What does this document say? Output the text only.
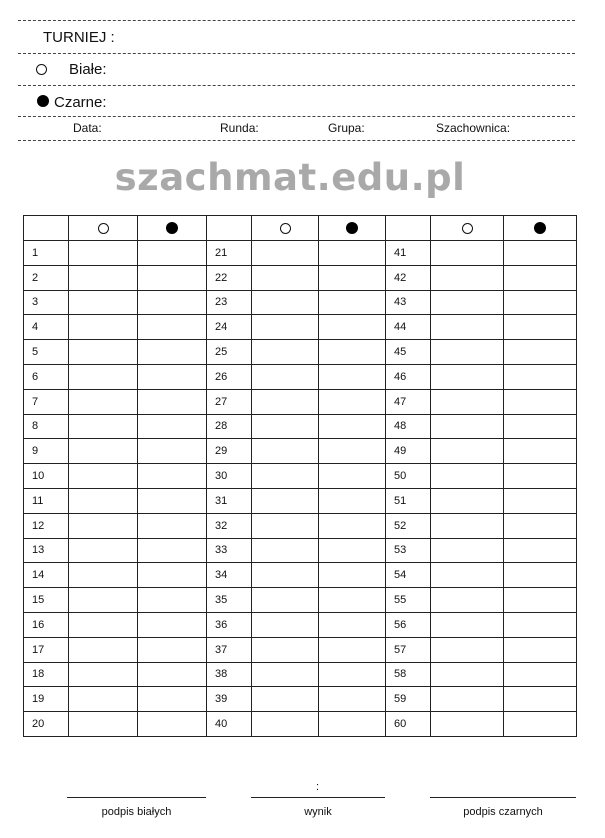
TURNIEJ :
Białe:
Czarne:
Data:	Runda:	Grupa:	Szachownica:
szachmat.edu.pl

1			21			41		
2			22			42		
3			23			43		
4			24			44		
5			25			45		
6			26			46		
7			27			47		
8			28			48		
9			29			49		
10			30			50		
11			31			51		
12			32			52		
13			33			53		
14			34			54		
15			35			55		
16			36			56		
17			37			57		
18			38			58		
19			39			59		
20			40			60		
:
podpis białych	wynik	podpis czarnych
